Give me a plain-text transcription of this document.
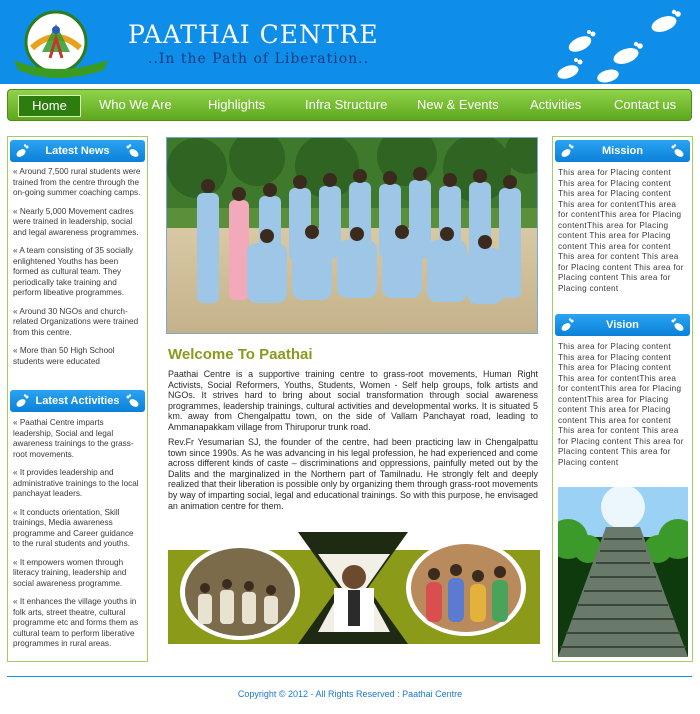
PAATHAI CENTRE
..In the Path of Liberation..
Home	Who We Are	Highlights	Infra Structure New & Events Activities	Contact us
Latest News

« Around 7,500 rural students were trained from the centre through the on-going summer coaching camps.

« Nearly 5,000 Movement cadres were trained in leadership, social and legal awareness programmes.

« A team consisting of 35 socially enlightened Youths has been formed as cultural team. They periodically take training and perform libeative programmes.

« Around 30 NGOs and church-related Organizations were trained from this centre.

« More than 50 High School students were educated

Latest Activities

« Paathai Centre imparts leadership, Social and legal awareness trainings to the grass-root movements.

« It provides leadership and administrative trainings to the local panchayat leaders.

« It conducts orientation, Skill trainings, Media awareness programme and Career guidance to the rural students and youths.

« It empowers women through literacy training, leadership and social awareness programme.

« It enhances the village youths in folk arts, street theatre, cultural programme etc and forms them as cultural team to perform liberative programmes in rural areas.

Welcome To Paathai
Paathai Centre is a supportive training centre to grass-root movements, Human Right Activists, Social Reformers, Youths, Students, Women - Self help groups, folk artists and NGOs. It strives hard to bring about social transformation through social awareness programmes, leadership trainings, cultural activities and developmental works. It is situated 5 km. away from Chengalpattu town, on the side of Vallam Panchayat road, leading to Ammanapakkam village from Thiruporur trunk road.
Rev.Fr Yesumarian SJ, the founder of the centre, had been practicing law in Chengalpattu town since 1990s. As he was advancing in his legal profession, he had experienced and come across different kinds of caste – discriminations and oppressions, painfully meted out by the Dalits and the marginalized in the Northern part of Tamilnadu. He strongly felt and deeply realized that their liberation is possible only by organizing them through grass-root movements by way of imparting social, legal and educational trainings. So with this purpose, he envisaged an animation centre for them.
Mission
This area for Placing content This area for Placing content This area for Placing content This area for contentThis area for contentThis area for Placing contentThis area for Placing content This area for Placing content This area for content This area for content This area for Placing content This area for Placing content This area for Placing content
Vision
This area for Placing content This area for Placing content This area for Placing content This area for contentThis area for contentThis area for Placing contentThis area for Placing content This area for Placing content This area for content This area for content This area for Placing content This area for Placing content This area for Placing content
Copyright © 2012 - All Rights Reserved : Paathai Centre
